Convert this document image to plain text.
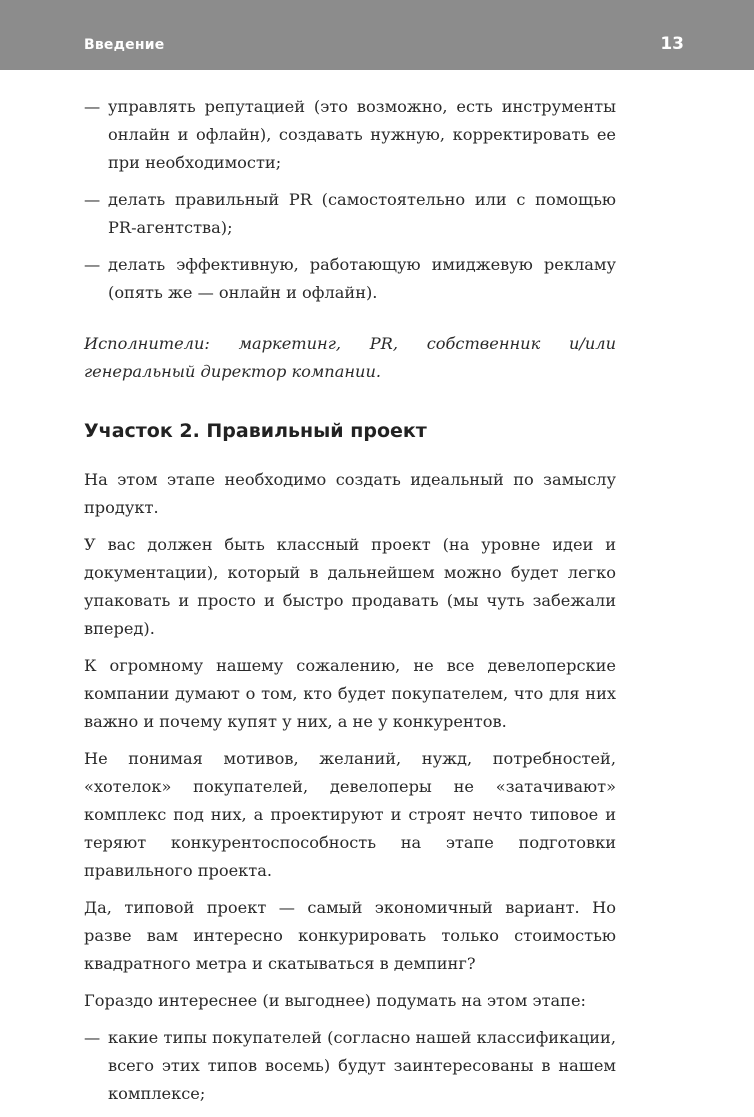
Введение	13
— управлять репутацией (это возможно, есть инструменты онлайн и офлайн), создавать нужную, корректировать ее при необходимости;
— делать правильный PR (самостоятельно или с помощью PR-агентства);
— делать эффективную, работающую имиджевую рекламу (опять же — онлайн и офлайн).

Исполнители: маркетинг, PR, собственник и/или генеральный директор компании.

Участок 2. Правильный проект

На этом этапе необходимо создать идеальный по замыслу продукт.

У вас должен быть классный проект (на уровне идеи и документации), который в дальнейшем можно будет легко упаковать и просто и быстро продавать (мы чуть забежали вперед).

К огромному нашему сожалению, не все девелоперские компании думают о том, кто будет покупателем, что для них важно и почему купят у них, а не у конкурентов.

Не понимая мотивов, желаний, нужд, потребностей, «хотелок» покупателей, девелоперы не «затачивают» комплекс под них, а проектируют и строят нечто типовое и теряют конкурентоспособность на этапе подготовки правильного проекта.

Да, типовой проект — самый экономичный вариант. Но разве вам интересно конкурировать только стоимостью квадратного метра и скатываться в демпинг?

Гораздо интереснее (и выгоднее) подумать на этом этапе:

— какие типы покупателей (согласно нашей классификации, всего этих типов восемь) будут заинтересованы в нашем комплексе;
